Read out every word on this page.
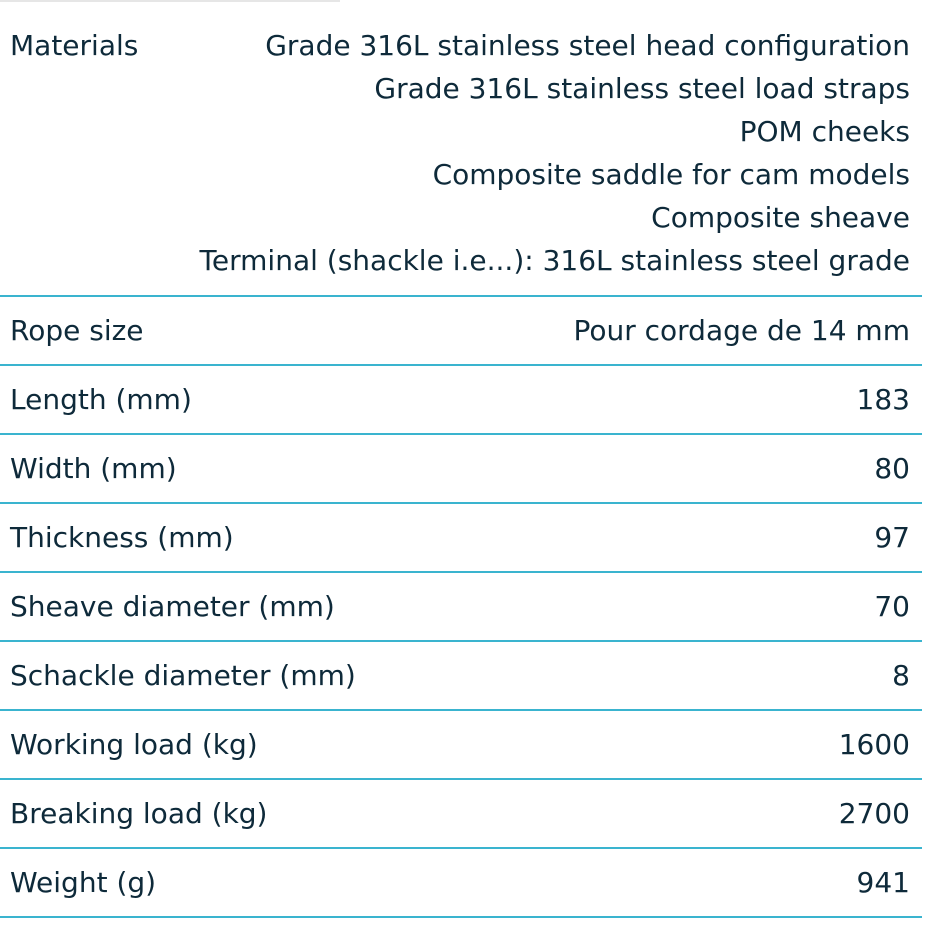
Materials	Grade 316L stainless steel head configuration
Grade 316L stainless steel load straps
POM cheeks
Composite saddle for cam models
Composite sheave
Terminal (shackle i.e...): 316L stainless steel grade
Rope size	Pour cordage de 14 mm
Length (mm)	183
Width (mm)	80
Thickness (mm)	97
Sheave diameter (mm)	70
Schackle diameter (mm)	8
Working load (kg)	1600
Breaking load (kg)	2700
Weight (g)	941
